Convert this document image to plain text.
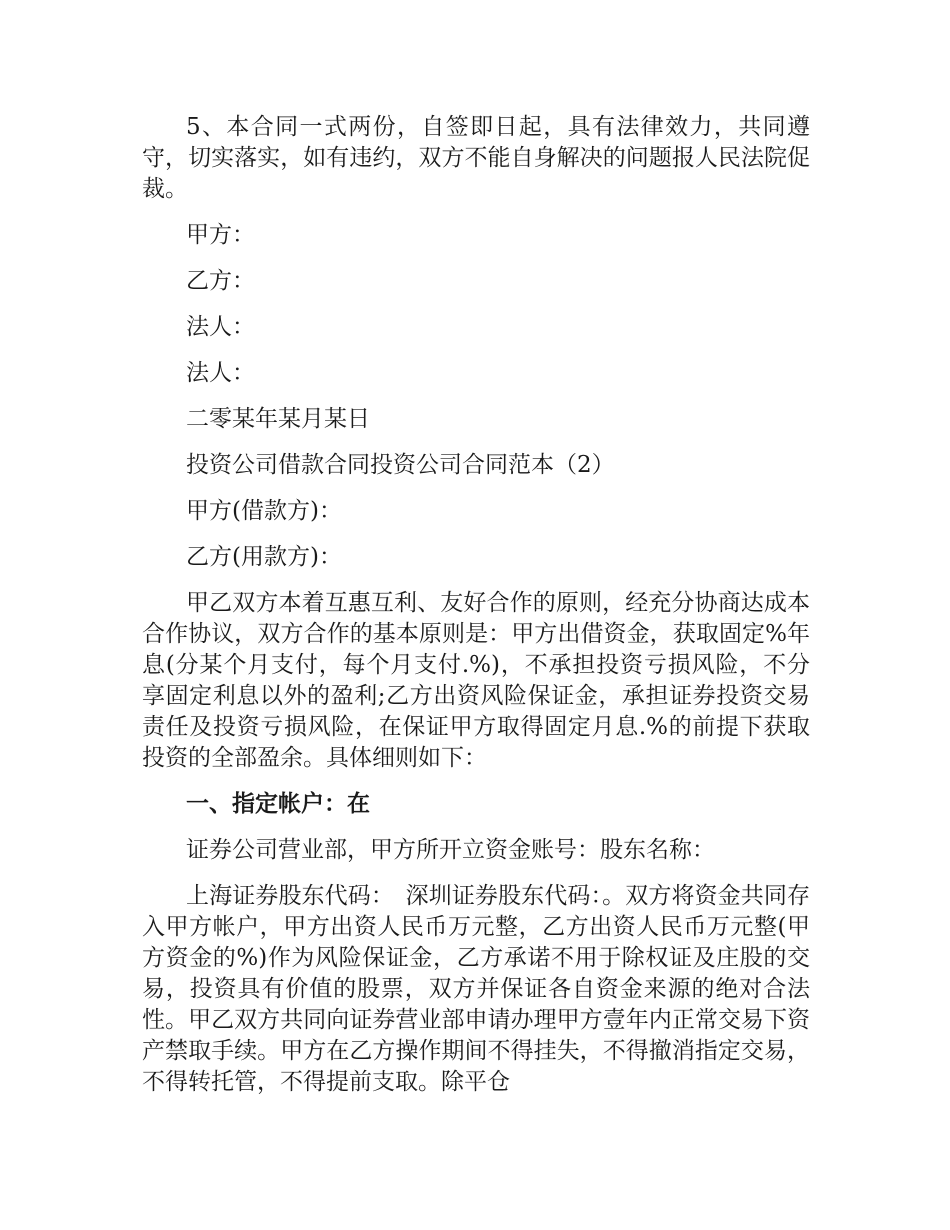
5、本合同一式两份，自签即日起，具有法律效力，共同遵守，切实落实，如有违约，双方不能自身解决的问题报人民法院促裁。

甲方：

乙方：

法人：

法人：

二零某年某月某日

投资公司借款合同投资公司合同范本（2）

甲方(借款方)：

乙方(用款方)：

甲乙双方本着互惠互利、友好合作的原则，经充分协商达成本合作协议，双方合作的基本原则是：甲方出借资金，获取固定%年息(分某个月支付，每个月支付.%)，不承担投资亏损风险，不分享固定利息以外的盈利;乙方出资风险保证金，承担证券投资交易责任及投资亏损风险，在保证甲方取得固定月息.%的前提下获取投资的全部盈余。具体细则如下：

一、指定帐户：在

证券公司营业部，甲方所开立资金账号：股东名称：

上海证券股东代码：　深圳证券股东代码：。双方将资金共同存入甲方帐户，甲方出资人民币万元整，乙方出资人民币万元整(甲方资金的%)作为风险保证金，乙方承诺不用于除权证及庄股的交易，投资具有价值的股票，双方并保证各自资金来源的绝对合法性。甲乙双方共同向证券营业部申请办理甲方壹年内正常交易下资产禁取手续。甲方在乙方操作期间不得挂失，不得撤消指定交易，不得转托管，不得提前支取。除平仓
